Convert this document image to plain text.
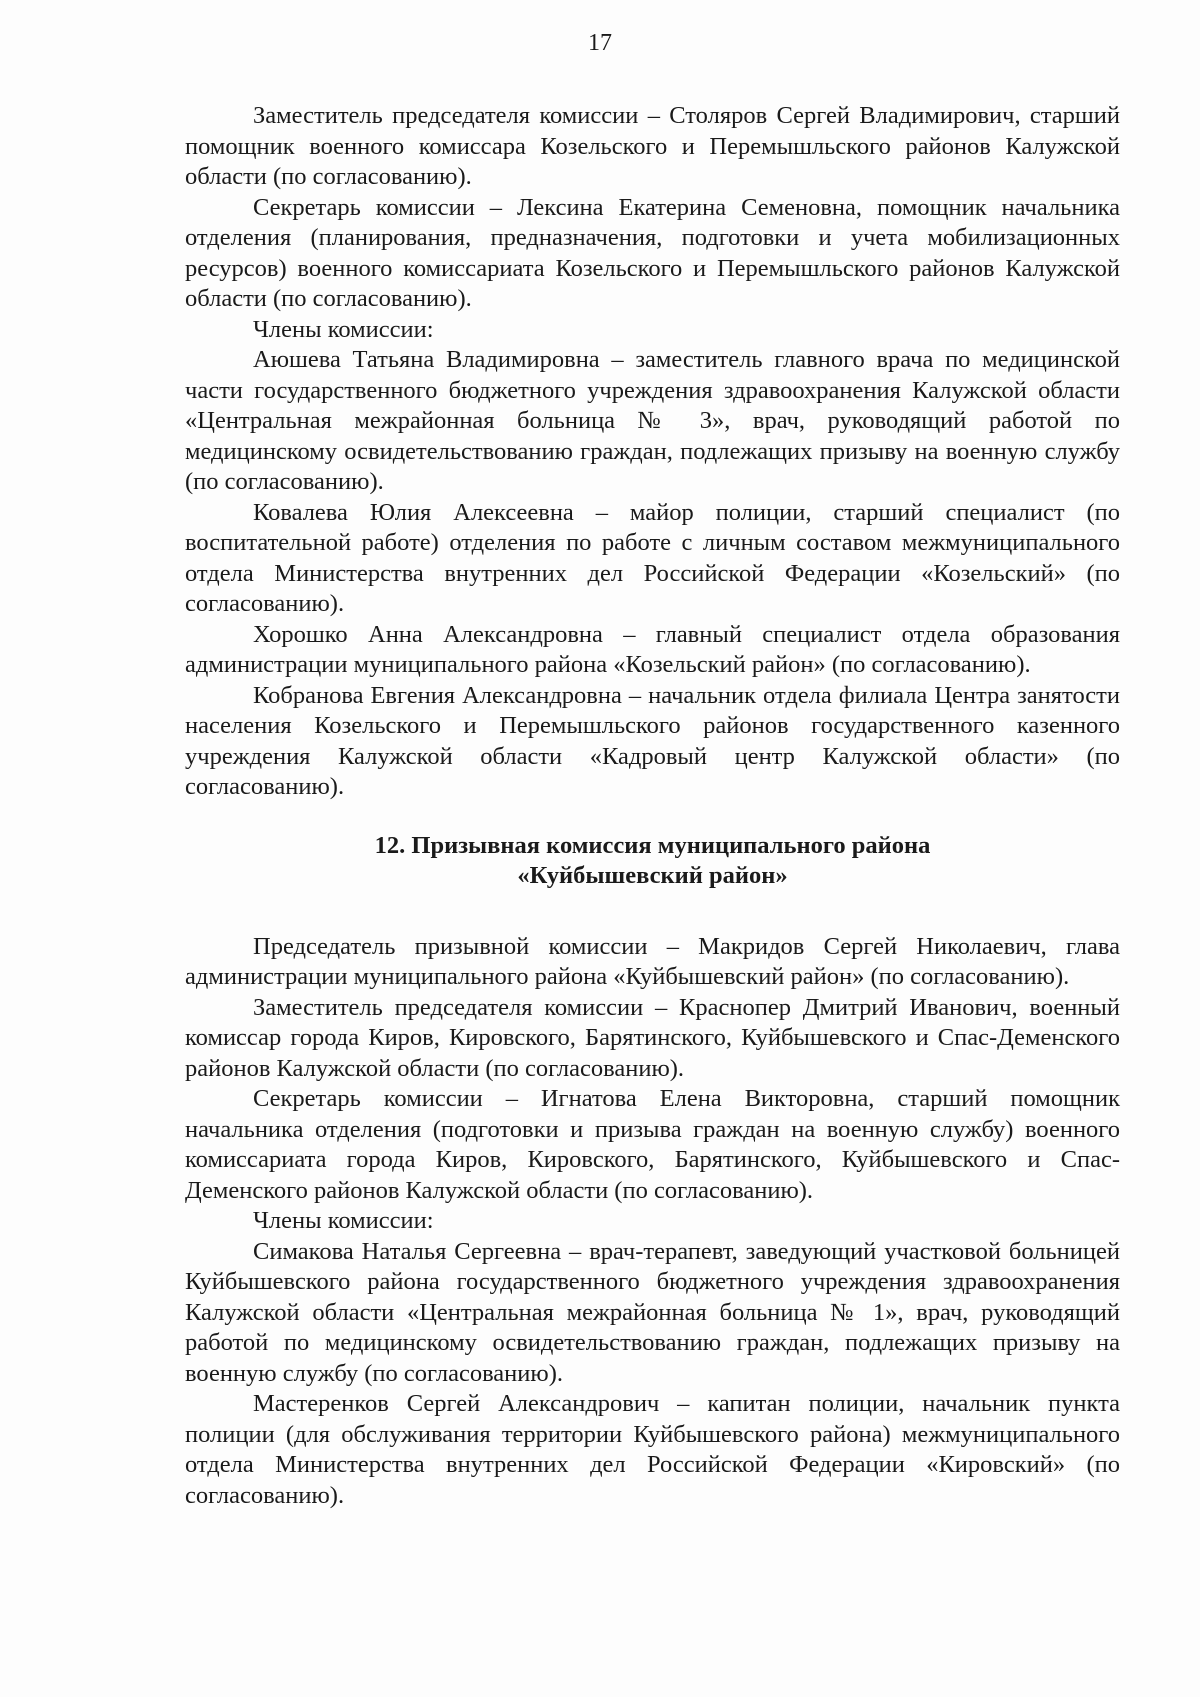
17

Заместитель председателя комиссии – Столяров Сергей Владимирович, старший помощник военного комиссара Козельского и Перемышльского районов Калужской области (по согласованию).

Секретарь комиссии – Лексина Екатерина Семеновна, помощник начальника отделения (планирования, предназначения, подготовки и учета мобилизационных ресурсов) военного комиссариата Козельского и Перемышльского районов Калужской области (по согласованию).

Члены комиссии:

Аюшева Татьяна Владимировна – заместитель главного врача по медицинской части государственного бюджетного учреждения здравоохранения Калужской области «Центральная межрайонная больница № 3», врач, руководящий работой по медицинскому освидетельствованию граждан, подлежащих призыву на военную службу (по согласованию).

Ковалева Юлия Алексеевна – майор полиции, старший специалист (по воспитательной работе) отделения по работе с личным составом межмуниципального отдела Министерства внутренних дел Российской Федерации «Козельский» (по согласованию).

Хорошко Анна Александровна – главный специалист отдела образования администрации муниципального района «Козельский район» (по согласованию).

Кобранова Евгения Александровна – начальник отдела филиала Центра занятости населения Козельского и Перемышльского районов государственного казенного учреждения Калужской области «Кадровый центр Калужской области» (по согласованию).

12. Призывная комиссия муниципального района
«Куйбышевский район»

Председатель призывной комиссии – Макридов Сергей Николаевич, глава администрации муниципального района «Куйбышевский район» (по согласованию).

Заместитель председателя комиссии – Краснопер Дмитрий Иванович, военный комиссар города Киров, Кировского, Барятинского, Куйбышевского и Спас-Деменского районов Калужской области (по согласованию).

Секретарь комиссии – Игнатова Елена Викторовна, старший помощник начальника отделения (подготовки и призыва граждан на военную службу) военного комиссариата города Киров, Кировского, Барятинского, Куйбышевского и Спас-Деменского районов Калужской области (по согласованию).

Члены комиссии:

Симакова Наталья Сергеевна – врач-терапевт, заведующий участковой больницей Куйбышевского района государственного бюджетного учреждения здравоохранения Калужской области «Центральная межрайонная больница № 1», врач, руководящий работой по медицинскому освидетельствованию граждан, подлежащих призыву на военную службу (по согласованию).

Мастеренков Сергей Александрович – капитан полиции, начальник пункта полиции (для обслуживания территории Куйбышевского района) межмуниципального отдела Министерства внутренних дел Российской Федерации «Кировский» (по согласованию).
